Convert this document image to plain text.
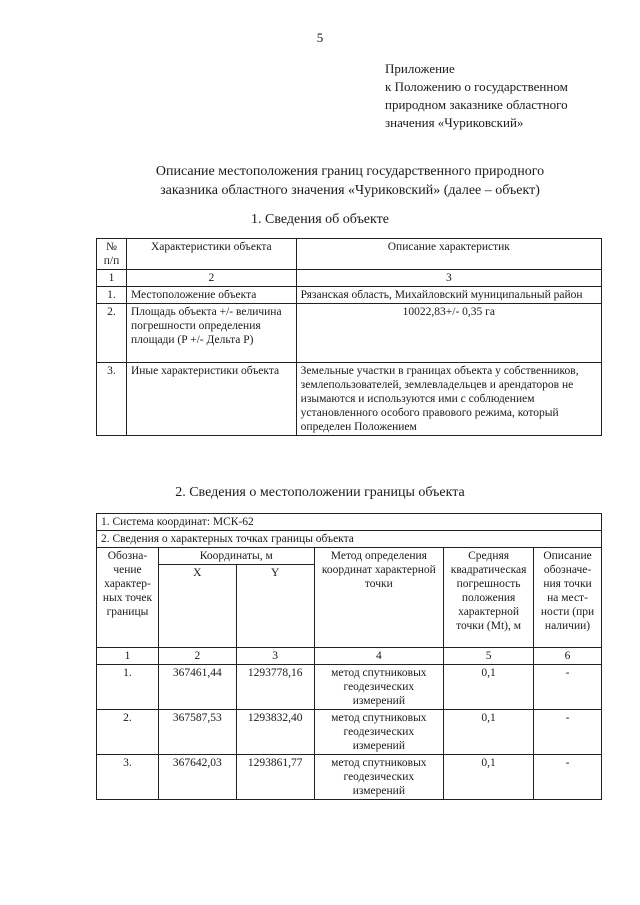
5
Приложение
к Положению о государственном
природном заказнике областного
значения «Чуриковский»
Описание местоположения границ государственного природного
заказника областного значения «Чуриковский» (далее – объект)
1. Сведения об объекте
№ п/п	Характеристики объекта	Описание характеристик
1	2	3
1.	Местоположение объекта	Рязанская область, Михайловский муниципальный район
2.	Площадь объекта +/- величина погрешности определения площади (P +/- Дельта P)	10022,83+/- 0,35 га
3.	Иные характеристики объекта	Земельные участки в границах объекта у собственников, землепользователей, землевладельцев и арендаторов не изымаются и используются ими с соблюдением установленного особого правового режима, который определен Положением
2. Сведения о местоположении границы объекта
1. Система координат: МСК-62					
2. Сведения о характерных точках границы объекта					
Обозна-чение характер-ных точек границы	Координаты, м		Метод определения координат характерной точки	Средняя квадратическая погрешность положения характерной точки (Mt), м	Описание обозначе-ния точки на мест-ности (при наличии)
	X	Y			
1	2	3	4	5	6
1.	367461,44	1293778,16	метод спутниковых геодезических измерений	0,1	-
2.	367587,53	1293832,40	метод спутниковых геодезических измерений	0,1	-
3.	367642,03	1293861,77	метод спутниковых геодезических измерений	0,1	-
